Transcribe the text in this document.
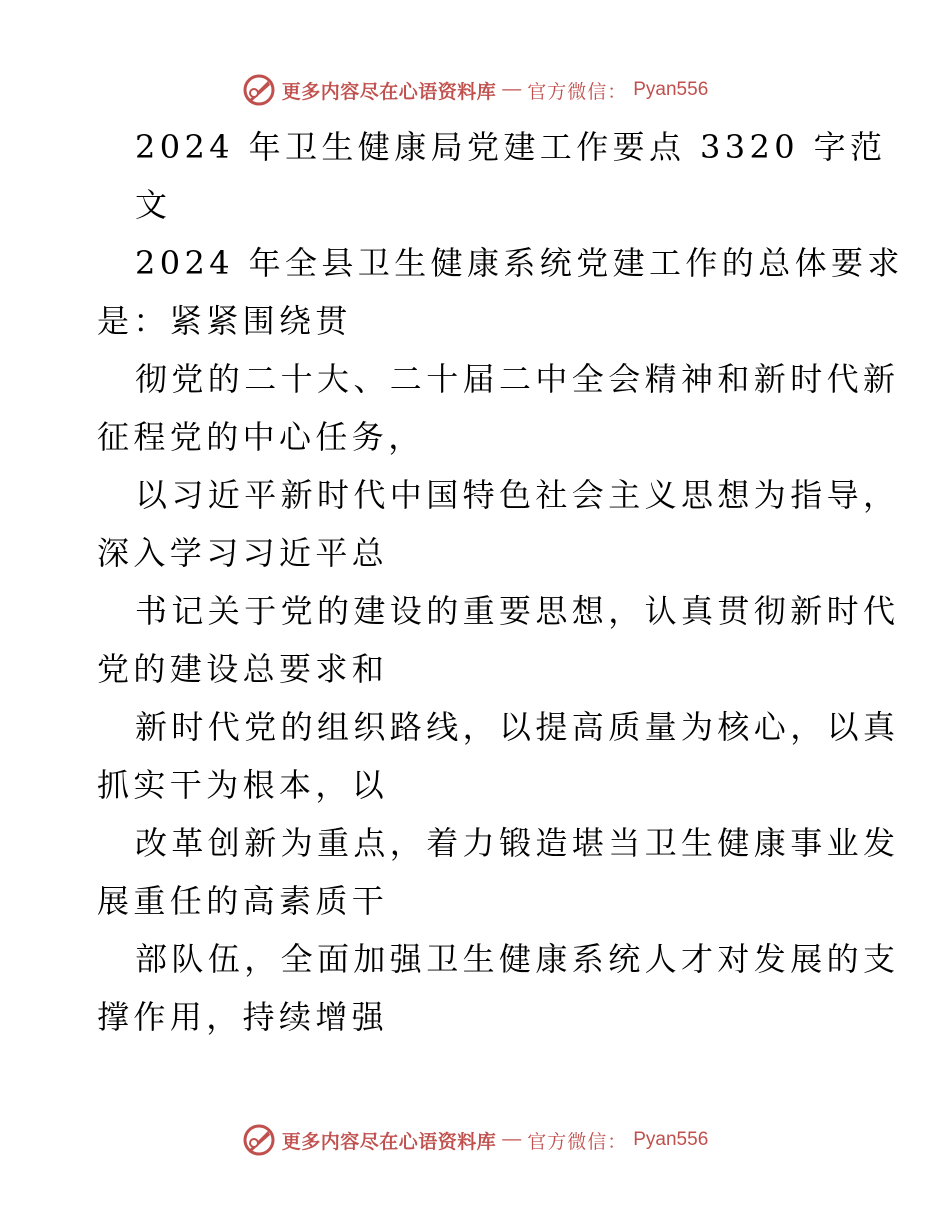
更多内容尽在心语资料库 — 官方微信： Pyan556
2024 年卫生健康局党建工作要点 3320 字范
文
2024 年全县卫生健康系统党建工作的总体要求
是：紧紧围绕贯
彻党的二十大、二十届二中全会精神和新时代新
征程党的中心任务，
以习近平新时代中国特色社会主义思想为指导，
深入学习习近平总
书记关于党的建设的重要思想，认真贯彻新时代
党的建设总要求和
新时代党的组织路线，以提高质量为核心，以真
抓实干为根本，以
改革创新为重点，着力锻造堪当卫生健康事业发
展重任的高素质干
部队伍，全面加强卫生健康系统人才对发展的支
撑作用，持续增强
更多内容尽在心语资料库 — 官方微信： Pyan556
